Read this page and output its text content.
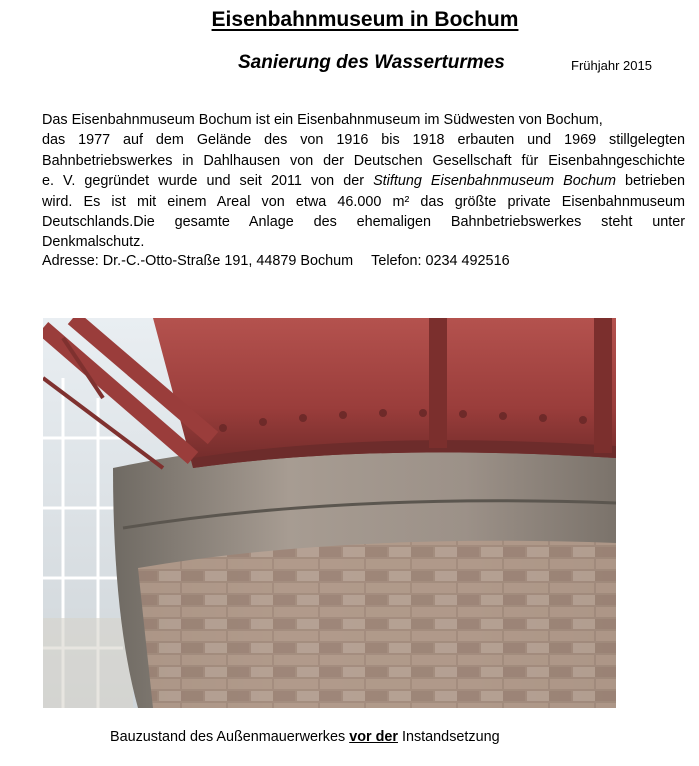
Eisenbahnmuseum in Bochum
Sanierung des Wasserturmes	Frühjahr 2015
Das Eisenbahnmuseum Bochum ist ein Eisenbahnmuseum im Südwesten von Bochum,
das 1977 auf dem Gelände des von 1916 bis 1918 erbauten und 1969 stillgelegten
Bahnbetriebswerkes in Dahlhausen von der Deutschen Gesellschaft für Eisenbahngeschichte
e. V. gegründet wurde und seit 2011 von der Stiftung Eisenbahnmuseum Bochum betrieben
wird. Es ist mit einem Areal von etwa 46.000 m² das größte private Eisenbahnmuseum
Deutschlands.Die gesamte Anlage des ehemaligen Bahnbetriebswerkes steht unter
Denkmalschutz.
Adresse: Dr.-C.-Otto-Straße 191, 44879 Bochum Telefon: 0234 492516
Bauzustand des Außenmauerwerkes vor der Instandsetzung
